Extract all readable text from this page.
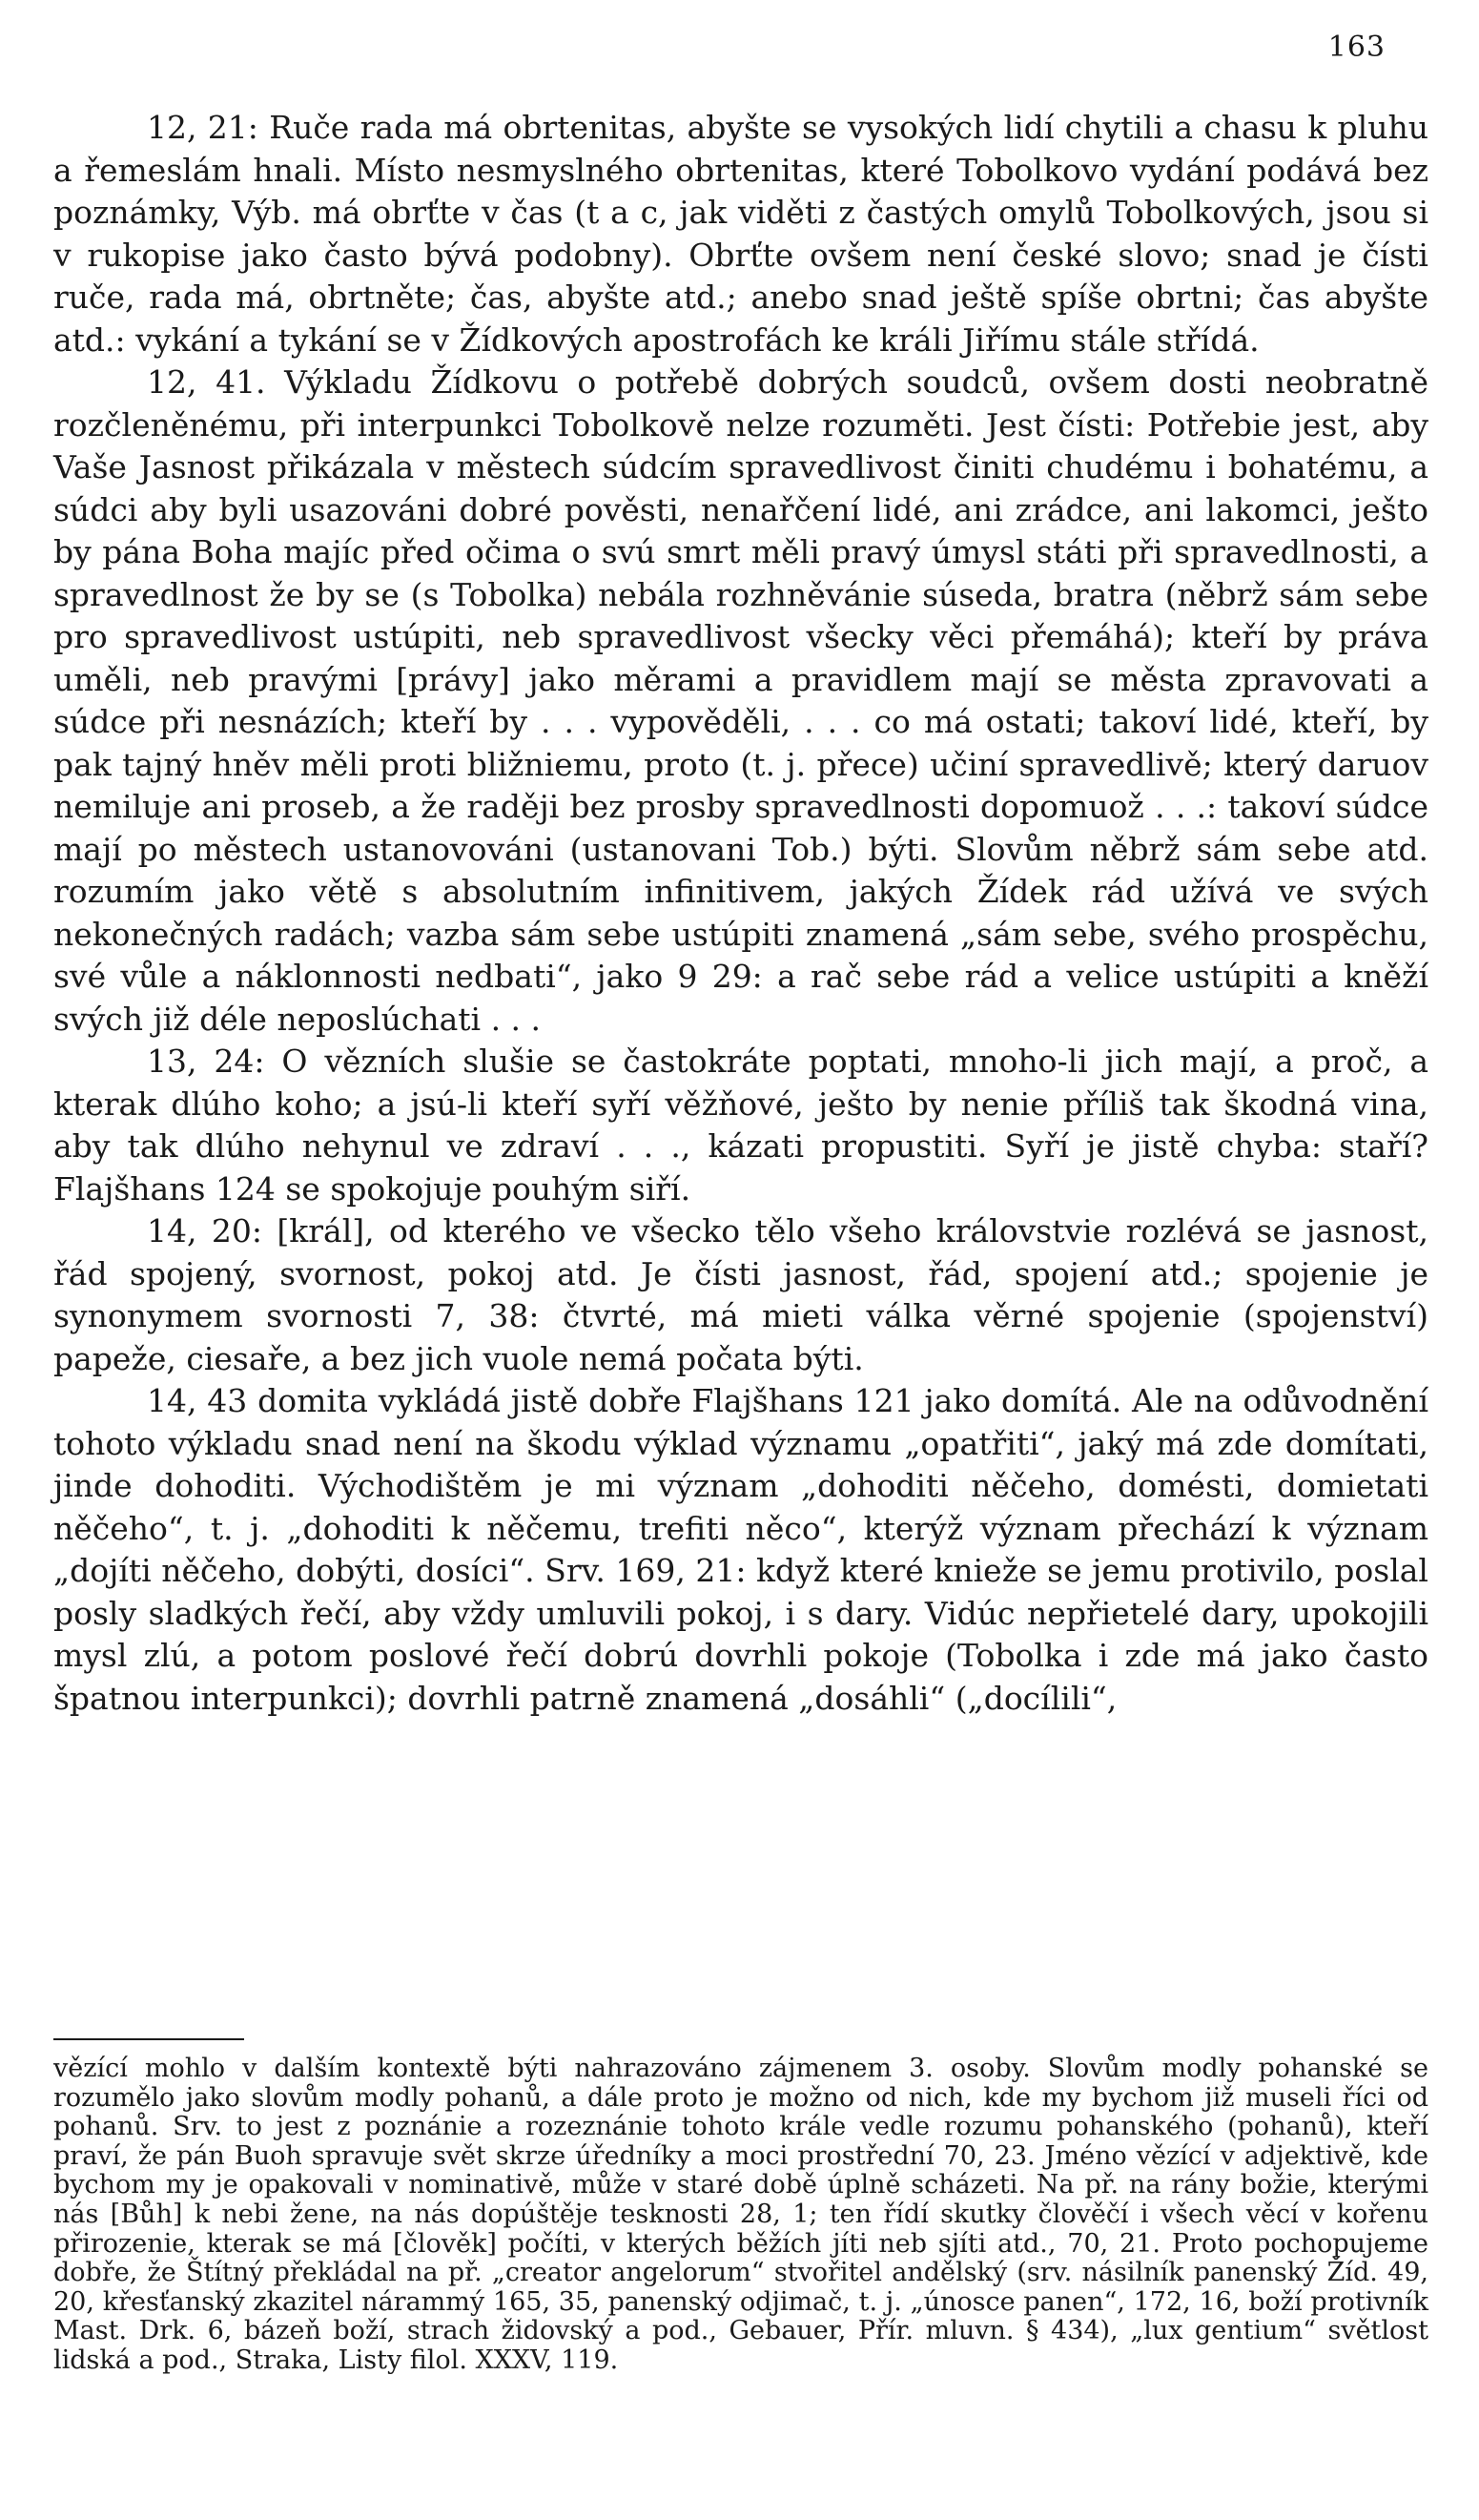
163

12, 21: Ruče rada má obrtenitas, abyšte se vysokých lidí chytili a chasu k pluhu a řemeslám hnali. Místo nesmyslného obrtenitas, které Tobolkovo vydání podává bez poznámky, Výb. má obrťte v čas (t a c, jak viděti z častých omylů Tobolkových, jsou si v rukopise jako často bývá podobny). Obrťte ovšem není české slovo; snad je čísti ruče, rada má, obrtněte; čas, abyšte atd.; anebo snad ještě spíše obrtni; čas abyšte atd.: vykání a tykání se v Žídkových apostrofách ke králi Jiřímu stále střídá.

12, 41. Výkladu Žídkovu o potřebě dobrých soudců, ovšem dosti neobratně rozčleněnému, při interpunkci Tobolkově nelze rozuměti. Jest čísti: Potřebie jest, aby Vaše Jasnost přikázala v městech súdcím spravedlivost činiti chudému i bohatému, a súdci aby byli usazováni dobré pověsti, nenařčení lidé, ani zrádce, ani lakomci, ješto by pána Boha majíc před očima o svú smrt měli pravý úmysl státi při spravedlnosti, a spravedlnost že by se (s Tobolka) nebála rozhněvánie súseda, bratra (něbrž sám sebe pro spravedlivost ustúpiti, neb spravedlivost všecky věci přemáhá); kteří by práva uměli, neb pravými [právy] jako měrami a pravidlem mají se města zpravovati a súdce při nesnázích; kteří by . . . vypověděli, . . . co má ostati; takoví lidé, kteří, by pak tajný hněv měli proti bližniemu, proto (t. j. přece) učiní spravedlivě; který daruov nemiluje ani proseb, a že raději bez prosby spravedlnosti dopomuož . . .: takoví súdce mají po městech ustanovováni (ustanovani Tob.) býti. Slovům něbrž sám sebe atd. rozumím jako větě s absolutním infinitivem, jakých Žídek rád užívá ve svých nekonečných radách; vazba sám sebe ustúpiti znamená „sám sebe, svého prospěchu, své vůle a náklonnosti nedbati“, jako 9 29: a rač sebe rád a velice ustúpiti a kněží svých již déle neposlúchati . . .

13, 24: O vězních slušie se častokráte poptati, mnoho-li jich mají, a proč, a kterak dlúho koho; a jsú-li kteří syří věžňové, ješto by nenie příliš tak škodná vina, aby tak dlúho nehynul ve zdraví . . ., kázati propustiti. Syří je jistě chyba: staří? Flajšhans 124 se spokojuje pouhým siří.

14, 20: [král], od kterého ve všecko tělo všeho královstvie rozlévá se jasnost, řád spojený, svornost, pokoj atd. Je čísti jasnost, řád, spojení atd.; spojenie je synonymem svornosti 7, 38: čtvrté, má mieti válka věrné spojenie (spojenství) papeže, ciesaře, a bez jich vuole nemá počata býti.

14, 43 domita vykládá jistě dobře Flajšhans 121 jako domítá. Ale na odůvodnění tohoto výkladu snad není na škodu výklad významu „opatřiti“, jaký má zde domítati, jinde dohoditi. Východištěm je mi význam „dohoditi něčeho, domésti, domietati něčeho“, t. j. „dohoditi k něčemu, trefiti něco“, kterýž význam přechází k význam „dojíti něčeho, dobýti, dosíci“. Srv. 169, 21: když které knieže se jemu protivilo, poslal posly sladkých řečí, aby vždy umluvili pokoj, i s dary. Vidúc nepřietelé dary, upokojili mysl zlú, a potom poslové řečí dobrú dovrhli pokoje (Tobolka i zde má jako často špatnou interpunkci); dovrhli patrně znamená „dosáhli“ („docílili“,

vězící mohlo v dalším kontextě býti nahrazováno zájmenem 3. osoby. Slovům modly pohanské se rozumělo jako slovům modly pohanů, a dále proto je možno od nich, kde my bychom již museli říci od pohanů. Srv. to jest z poznánie a rozeznánie tohoto krále vedle rozumu pohanského (pohanů), kteří praví, že pán Buoh spravuje svět skrze úředníky a moci prostřední 70, 23. Jméno vězící v adjektivě, kde bychom my je opakovali v nominativě, může v staré době úplně scházeti. Na př. na rány božie, kterými nás [Bůh] k nebi žene, na nás dopúštěje tesknosti 28, 1; ten řídí skutky člověčí i všech věcí v kořenu přirozenie, kterak se má [člověk] počíti, v kterých běžích jíti neb sjíti atd., 70, 21. Proto pochopujeme dobře, že Štítný překládal na př. „creator angelorum“ stvořitel andělský (srv. násilník panenský Žíd. 49, 20, křesťanský zkazitel nárammý 165, 35, panenský odjimač, t. j. „únosce panen“, 172, 16, boží protivník Mast. Drk. 6, bázeň boží, strach židovský a pod., Gebauer, Přír. mluvn. § 434), „lux gentium“ světlost lidská a pod., Straka, Listy filol. XXXV, 119.
